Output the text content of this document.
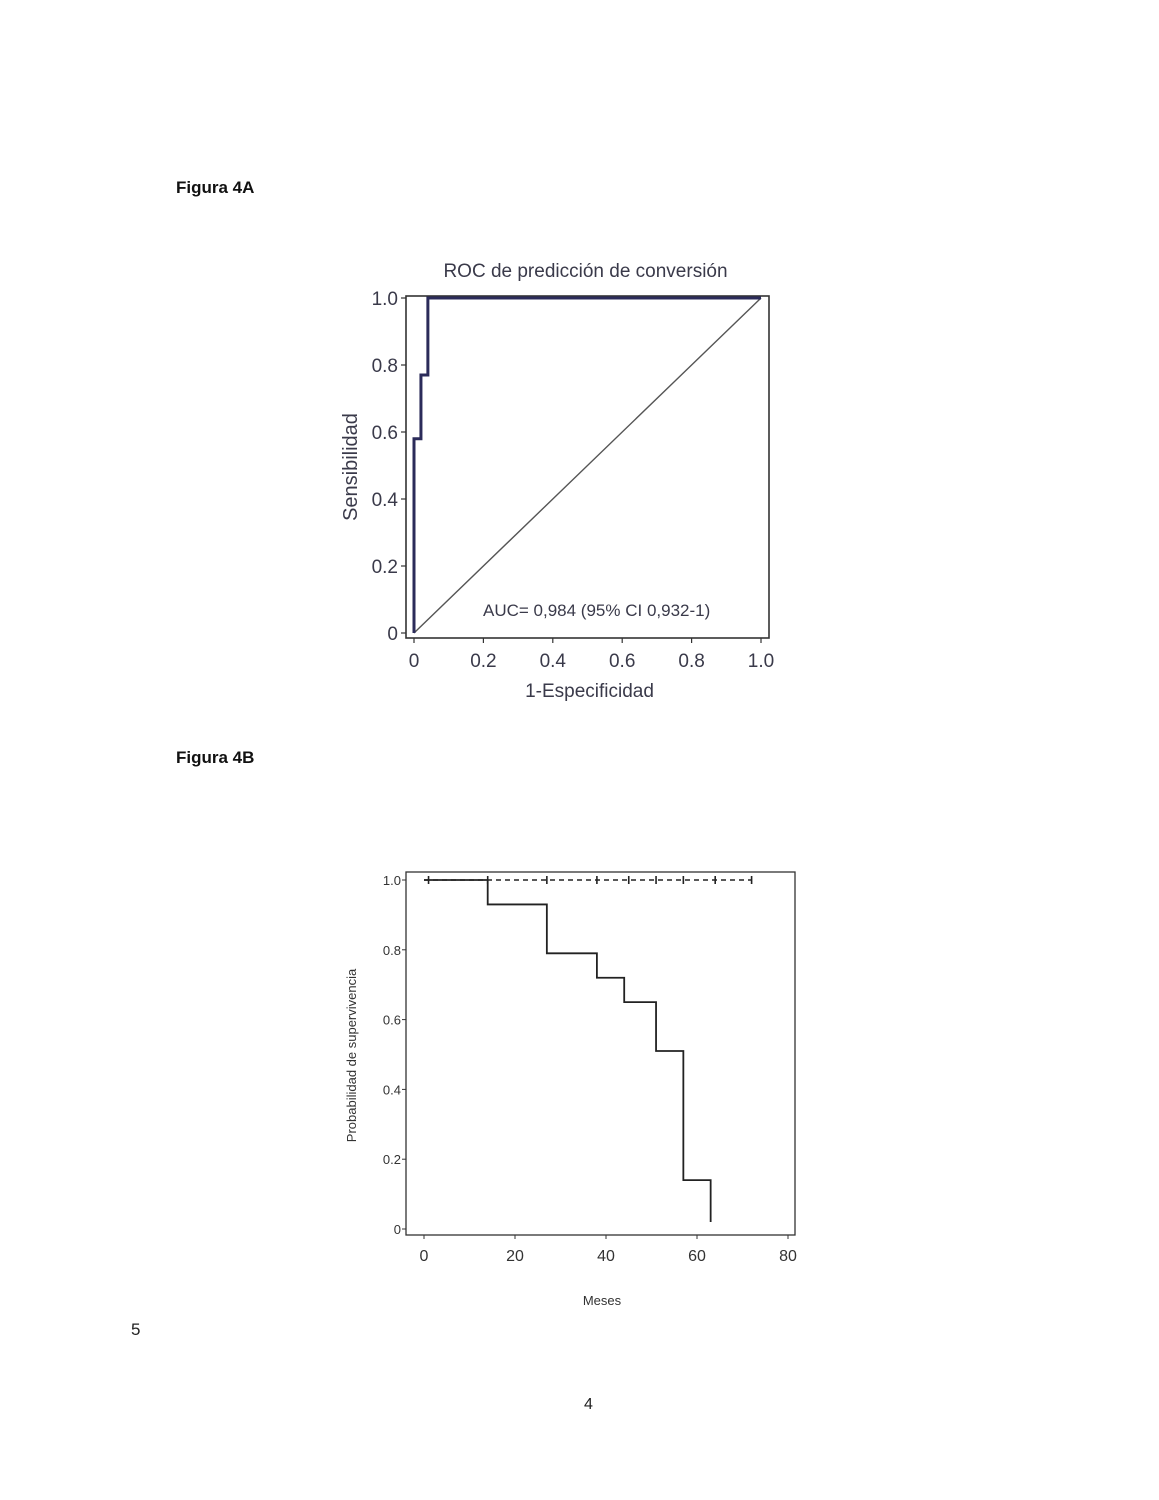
Figura 4A
Figura 4B
5
4
ROC de predicción de conversión
0
0.2
0.4
0.6
0.8
1.0
0	0.2 0.4 0.6 0.8 1.0
1-Especificidad
Sensibilidad
AUC= 0,984 (95% CI 0,932-1)
0
0.2
0.4
0.6
0.8
1.0
0	20	40	60	80
Meses
Probabilidad de supervivencia
